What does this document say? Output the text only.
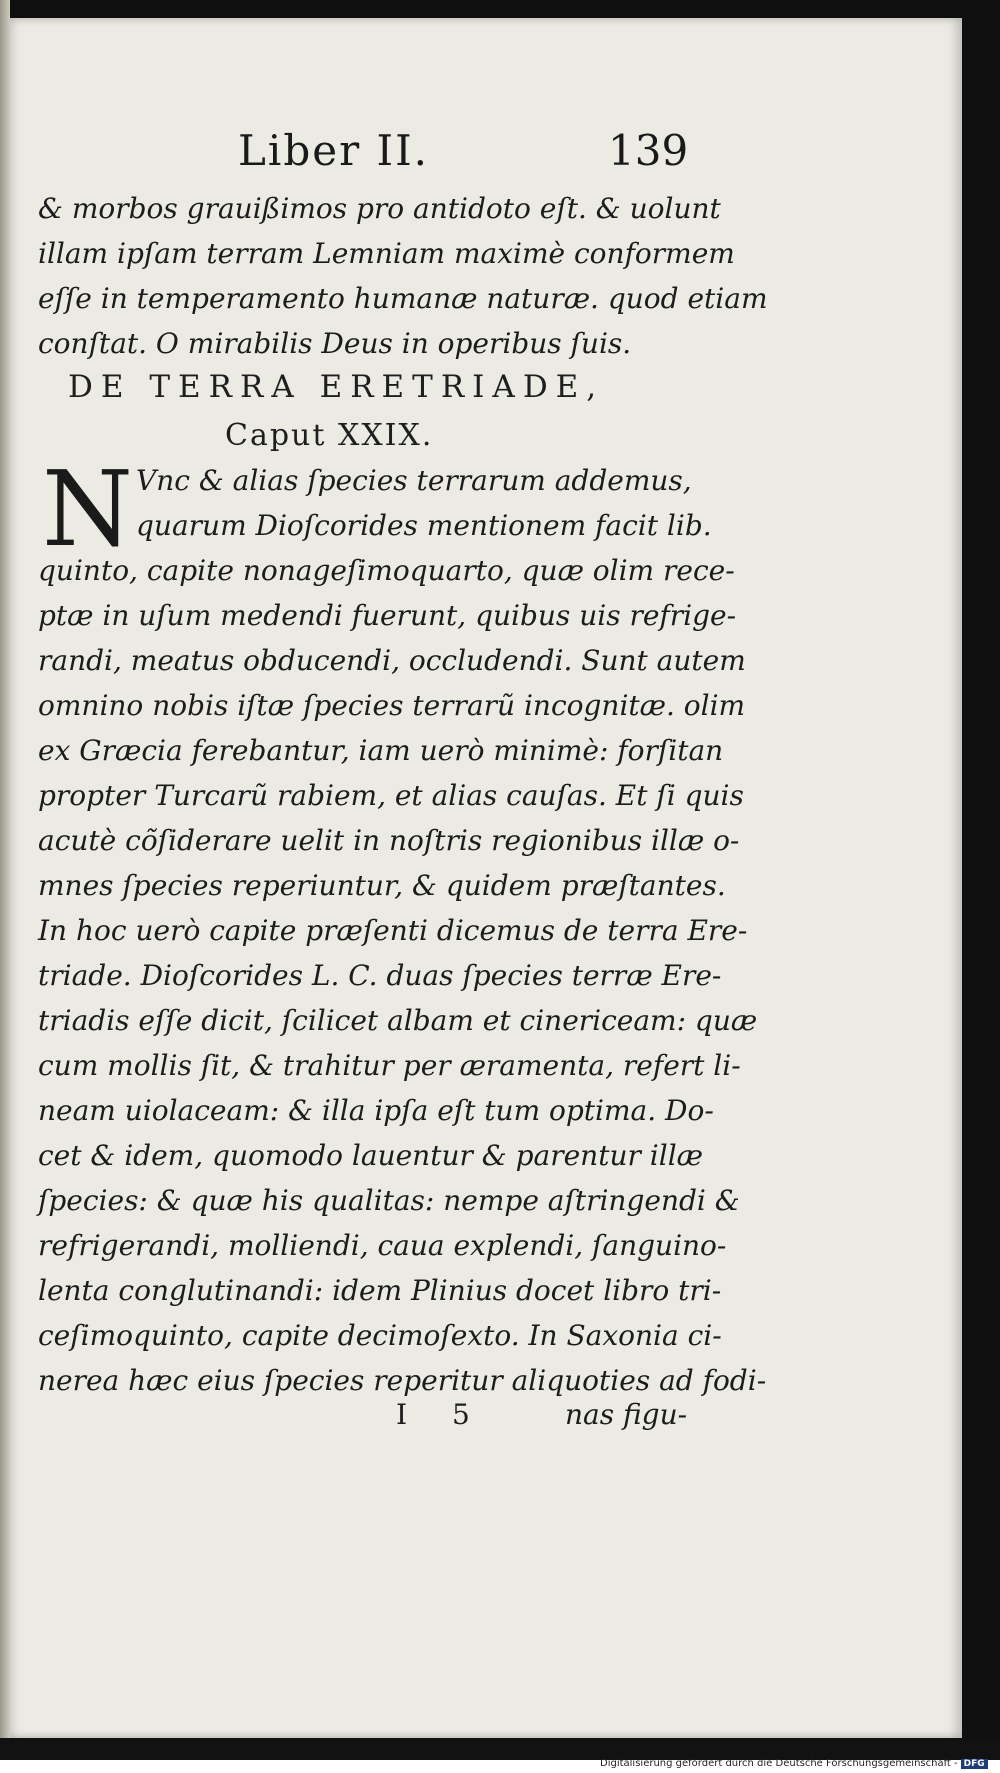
Liber II.	139
& morbos grauißimos pro antidoto eſt. & uolunt
illam ipſam terram Lemniam maximè conformem
eſſe in temperamento humanæ naturæ. quod etiam
conſtat. O mirabilis Deus in operibus ſuis.
DE TERRA ERETRIADE,
Caput XXIX.
N Vnc & alias ſpecies terrarum addemus,
quarum Dioſcorides mentionem facit lib.
quinto, capite nonageſimoquarto, quæ olim rece-
ptæ in uſum medendi fuerunt, quibus uis refrige-
randi, meatus obducendi, occludendi. Sunt autem
omnino nobis iſtæ ſpecies terrarũ incognitæ. olim
ex Græcia ferebantur, iam uerò minimè: forſitan
propter Turcarũ rabiem, et alias cauſas. Et ſi quis
acutè cõſiderare uelit in noſtris regionibus illæ o-
mnes ſpecies reperiuntur, & quidem præſtantes.
In hoc uerò capite præſenti dicemus de terra Ere-
triade. Dioſcorides L. C. duas ſpecies terræ Ere-
triadis eſſe dicit, ſcilicet albam et cinericeam: quæ
cum mollis ſit, & trahitur per æramenta, refert li-
neam uiolaceam: & illa ipſa eſt tum optima. Do-
cet & idem, quomodo lauentur & parentur illæ
ſpecies: & quæ his qualitas: nempe aſtringendi &
refrigerandi, molliendi, caua explendi, ſanguino-
lenta conglutinandi: idem Plinius docet libro tri-
ceſimoquinto, capite decimoſexto. In Saxonia ci-
nerea hæc eius ſpecies reperitur aliquoties ad fodi-
I 5	nas figu-
Digitalisierung gefördert durch die Deutsche Forschungsgemeinschaft - DFG
